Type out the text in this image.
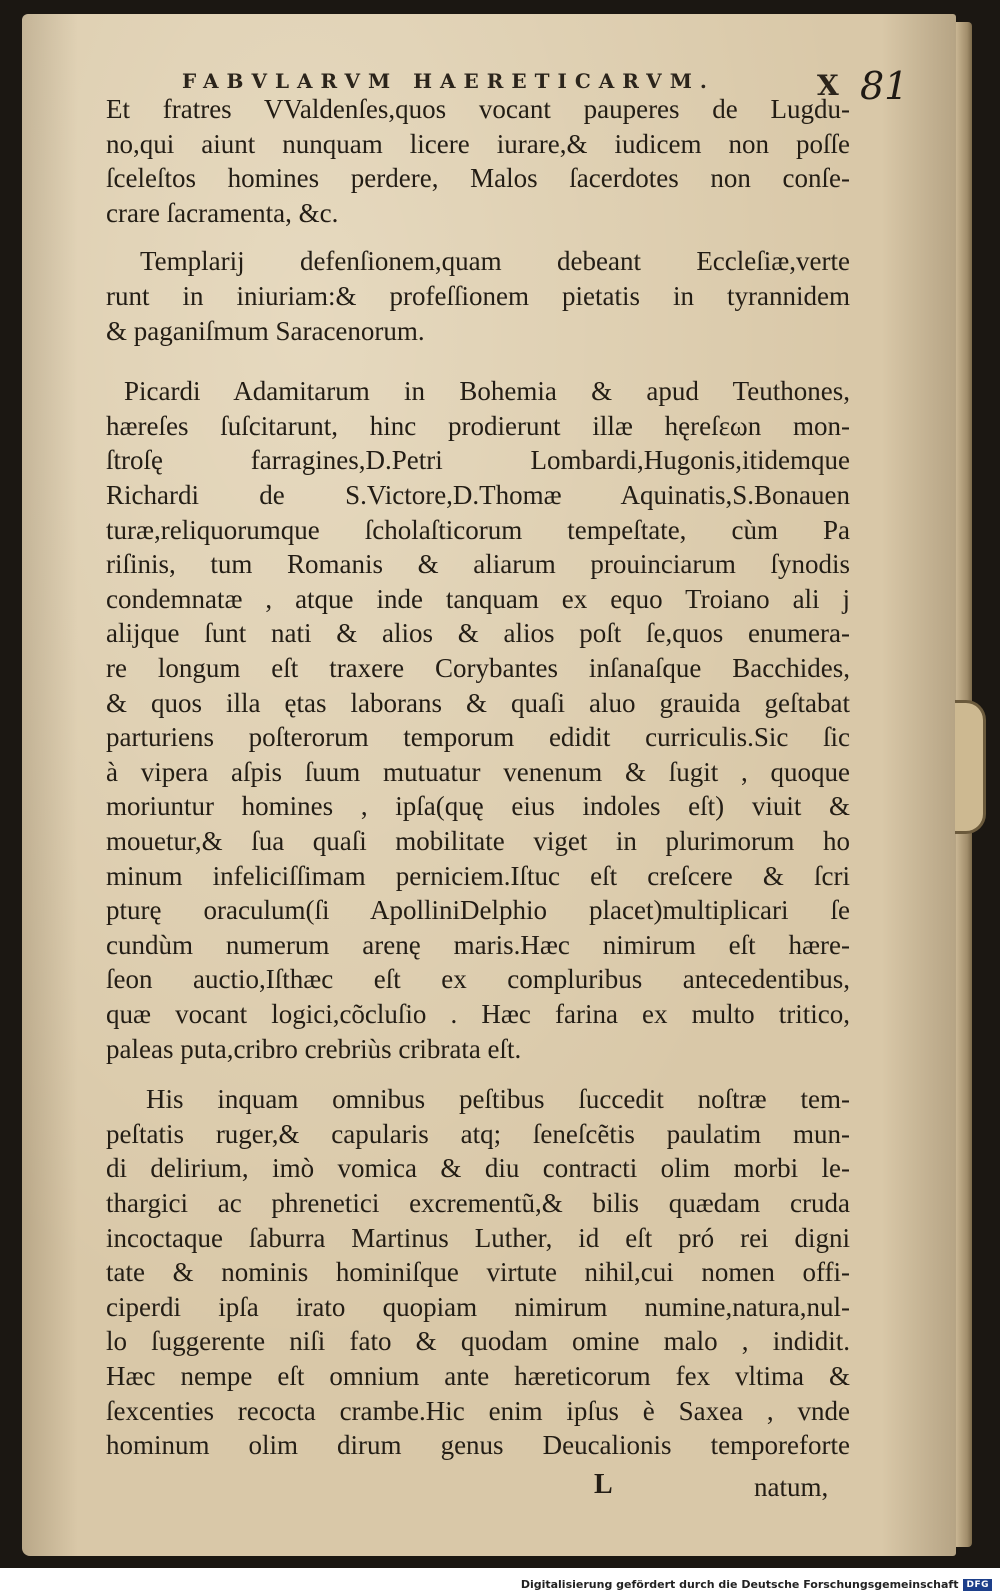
FABVLARVM HAERETICARVM.	X 81
Et fratres VValdenſes,quos vocant pauperes de Lugdu-
no,qui aiunt nunquam licere iurare,& iudicem non poſſe
ſceleſtos homines perdere, Malos ſacerdotes non conſe-
crare ſacramenta, &c.
Templarij defenſionem,quam debeant Eccleſiæ,verte
runt in iniuriam:& profeſſionem pietatis in tyrannidem
& paganiſmum Saracenorum.
Picardi Adamitarum in Bohemia & apud Teuthones,
hæreſes ſuſcitarunt, hinc prodierunt illæ hęreſεωn mon-
ſtroſę farragines,D.Petri Lombardi,Hugonis,itidemque
Richardi de S.Victore,D.Thomæ Aquinatis,S.Bonauen
turæ,reliquorumque ſcholaſticorum tempeſtate, cùm Pa
riſinis, tum Romanis & aliarum prouinciarum ſynodis
condemnatæ , atque inde tanquam ex equo Troiano ali j
alijque ſunt nati & alios & alios poſt ſe,quos enumera-
re longum eſt traxere Corybantes inſanaſque Bacchides,
& quos illa ętas laborans & quaſi aluo grauida geſtabat
parturiens poſterorum temporum edidit curriculis.Sic ſic
à vipera aſpis ſuum mutuatur venenum & ſugit , quoque
moriuntur homines , ipſa(quę eius indoles eſt) viuit &
mouetur,& ſua quaſi mobilitate viget in plurimorum ho
minum infeliciſſimam perniciem.Iſtuc eſt creſcere & ſcri
pturę oraculum(ſi ApolliniDelphio placet)multiplicari ſe
cundùm numerum arenę maris.Hæc nimirum eſt hære-
ſeon auctio,Iſthæc eſt ex compluribus antecedentibus,
quæ vocant logici,cõcluſio . Hæc farina ex multo tritico,
paleas puta,cribro crebriùs cribrata eſt.
His inquam omnibus peſtibus ſuccedit noſtræ tem-
peſtatis ruger,& capularis atq; ſeneſcẽtis paulatim mun-
di delirium, imò vomica & diu contracti olim morbi le-
thargici ac phrenetici excrementũ,& bilis quædam cruda
incoctaque ſaburra Martinus Luther, id eſt pró rei digni
tate & nominis hominiſque virtute nihil,cui nomen offi-
ciperdi ipſa irato quopiam nimirum numine,natura,nul-
lo ſuggerente niſi fato & quodam omine malo , indidit.
Hæc nempe eſt omnium ante hæreticorum fex vltima &
ſexcenties recocta crambe.Hic enim ipſus è Saxea , vnde
hominum olim dirum genus Deucalionis temporeforte
L	natum,
Digitalisierung gefördert durch die Deutsche Forschungsgemeinschaft DFG
